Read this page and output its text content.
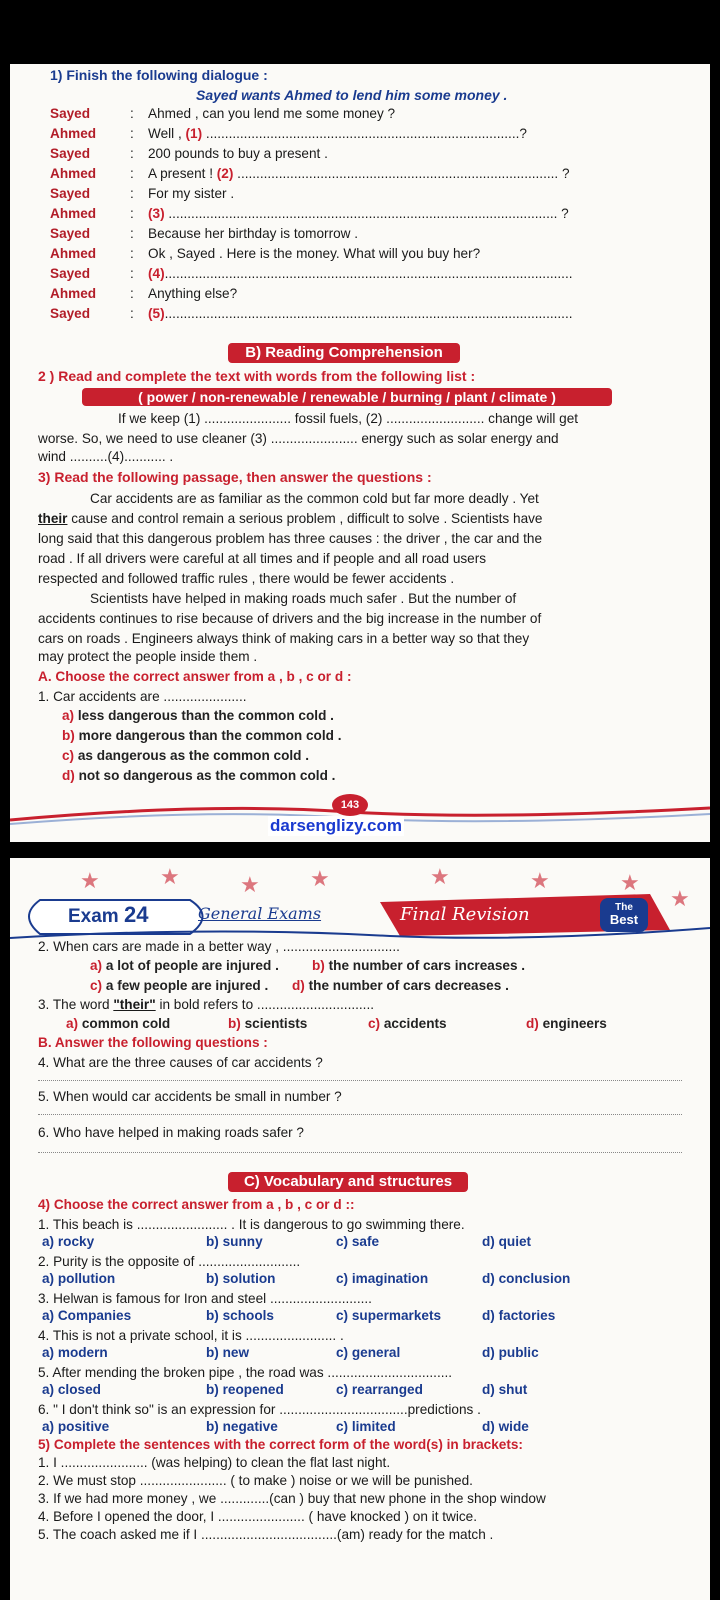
1) Finish the following dialogue :
Sayed wants Ahmed to lend him some money .
Sayed	: Ahmed , can you lend me some money ?
Ahmed : Well , (1) ...................................................................................?
Sayed	: 200 pounds to buy a present .
Ahmed : A present ! (2) ..................................................................................... ?
Sayed	: For my sister .
Ahmed : (3) ....................................................................................................... ?
Sayed	: Because her birthday is tomorrow .
Ahmed : Ok , Sayed . Here is the money. What will you buy her?
Sayed	: (4)............................................................................................................
Ahmed : Anything else?
Sayed	: (5)............................................................................................................
B) Reading Comprehension
2 ) Read and complete the text with words from the following list :
( power / non-renewable / renewable / burning / plant / climate )
If we keep (1) ....................... fossil fuels, (2) .......................... change will get
worse. So, we need to use cleaner (3) ....................... energy such as solar energy and
wind ..........(4)........... .
3) Read the following passage, then answer the questions :
Car accidents are as familiar as the common cold but far more deadly . Yet
their cause and control remain a serious problem , difficult to solve . Scientists have
long said that this dangerous problem has three causes : the driver , the car and the
road . If all drivers were careful at all times and if people and all road users
respected and followed traffic rules , there would be fewer accidents .
Scientists have helped in making roads much safer . But the number of
accidents continues to rise because of drivers and the big increase in the number of
cars on roads . Engineers always think of making cars in a better way so that they
may protect the people inside them .
A. Choose the correct answer from a , b , c or d :
1. Car accidents are ......................
a) less dangerous than the common cold .
b) more dangerous than the common cold .
c) as dangerous as the common cold .
d) not so dangerous as the common cold .
143
darsenglizy.com
★	★	★ ★	★	★	★
★
Exam 24	General Exams	Final Revision	The
Best
2. When cars are made in a better way , ...............................
a) a lot of people are injured . b) the number of cars increases .
c) a few people are injured . d) the number of cars decreases .
3. The word "their" in bold refers to ...............................
a) common cold	b) scientists	c) accidents	d) engineers
B. Answer the following questions :
4. What are the three causes of car accidents ?
5. When would car accidents be small in number ?
6. Who have helped in making roads safer ?
C) Vocabulary and structures
4) Choose the correct answer from a , b , c or d ::
1. This beach is ........................ . It is dangerous to go swimming there.
a) rocky	b) sunny	c) safe	d) quiet
2. Purity is the opposite of ...........................
a) pollution	b) solution	c) imagination	d) conclusion
3. Helwan is famous for Iron and steel ...........................
a) Companies	b) schools	c) supermarkets	d) factories
4. This is not a private school, it is ........................ .
a) modern	b) new	c) general	d) public
5. After mending the broken pipe , the road was .................................
a) closed	b) reopened	c) rearranged	d) shut
6. " I don't think so" is an expression for ..................................predictions .
a) positive	b) negative	c) limited	d) wide
5) Complete the sentences with the correct form of the word(s) in brackets:
1. I ....................... (was helping) to clean the flat last night.
2. We must stop ....................... ( to make ) noise or we will be punished.
3. If we had more money , we .............(can ) buy that new phone in the shop window
4. Before I opened the door, I ....................... ( have knocked ) on it twice.
5. The coach asked me if I ....................................(am) ready for the match .
